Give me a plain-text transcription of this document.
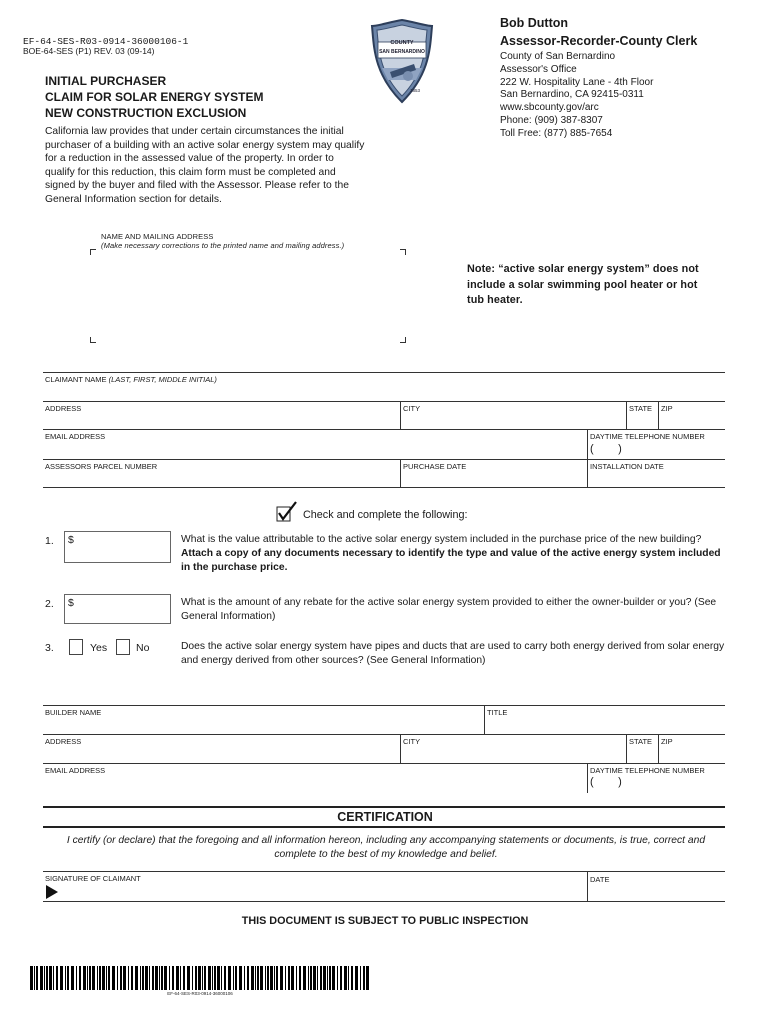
EF-64-SES-R03-0914-36000106-1
BOE-64-SES (P1) REV. 03 (09-14)
INITIAL PURCHASER
CLAIM FOR SOLAR ENERGY SYSTEM
NEW CONSTRUCTION EXCLUSION
California law provides that under certain circumstances the initial purchaser of a building with an active solar energy system may qualify for a reduction in the assessed value of the property. In order to qualify for this reduction, this claim form must be completed and signed by the buyer and filed with the Assessor. Please refer to the General Information section for details.
COUNTY
SAN BERNARDINO
1853
Bob Dutton
Assessor-Recorder-County Clerk
County of San Bernardino
Assessor's Office
222 W. Hospitality Lane - 4th Floor
San Bernardino, CA 92415-0311
www.sbcounty.gov/arc
Phone: (909) 387-8307
Toll Free: (877) 885-7654
NAME AND MAILING ADDRESS
(Make necessary corrections to the printed name and mailing address.)
Note: “active solar energy system” does not include a solar swimming pool heater or hot tub heater.
CLAIMANT NAME (LAST, FIRST, MIDDLE INITIAL)
ADDRESS	CITY	STATE ZIP
EMAIL ADDRESS	DAYTIME TELEPHONE NUMBER
(        )
ASSESSORS PARCEL NUMBER	PURCHASE DATE	INSTALLATION DATE
Check and complete the following:
1. $	What is the value attributable to the active solar energy system included in the purchase price of the new building?
Attach a copy of any documents necessary to identify the type and value of the active energy system included in the purchase price.
2. $	What is the amount of any rebate for the active solar energy system provided to either the owner-builder or you? (See General Information)
3.	Yes	No	Does the active solar energy system have pipes and ducts that are used to carry both energy derived from solar energy and energy derived from other sources? (See General Information)
BUILDER NAME	TITLE
ADDRESS	CITY	STATE ZIP
EMAIL ADDRESS	DAYTIME TELEPHONE NUMBER
(        )
CERTIFICATION
I certify (or declare) that the foregoing and all information hereon, including any accompanying statements or documents, is true, correct and complete to the best of my knowledge and belief.
SIGNATURE OF CLAIMANT	DATE
THIS DOCUMENT IS SUBJECT TO PUBLIC INSPECTION
EF-64-SES-R03-0914-36000106
